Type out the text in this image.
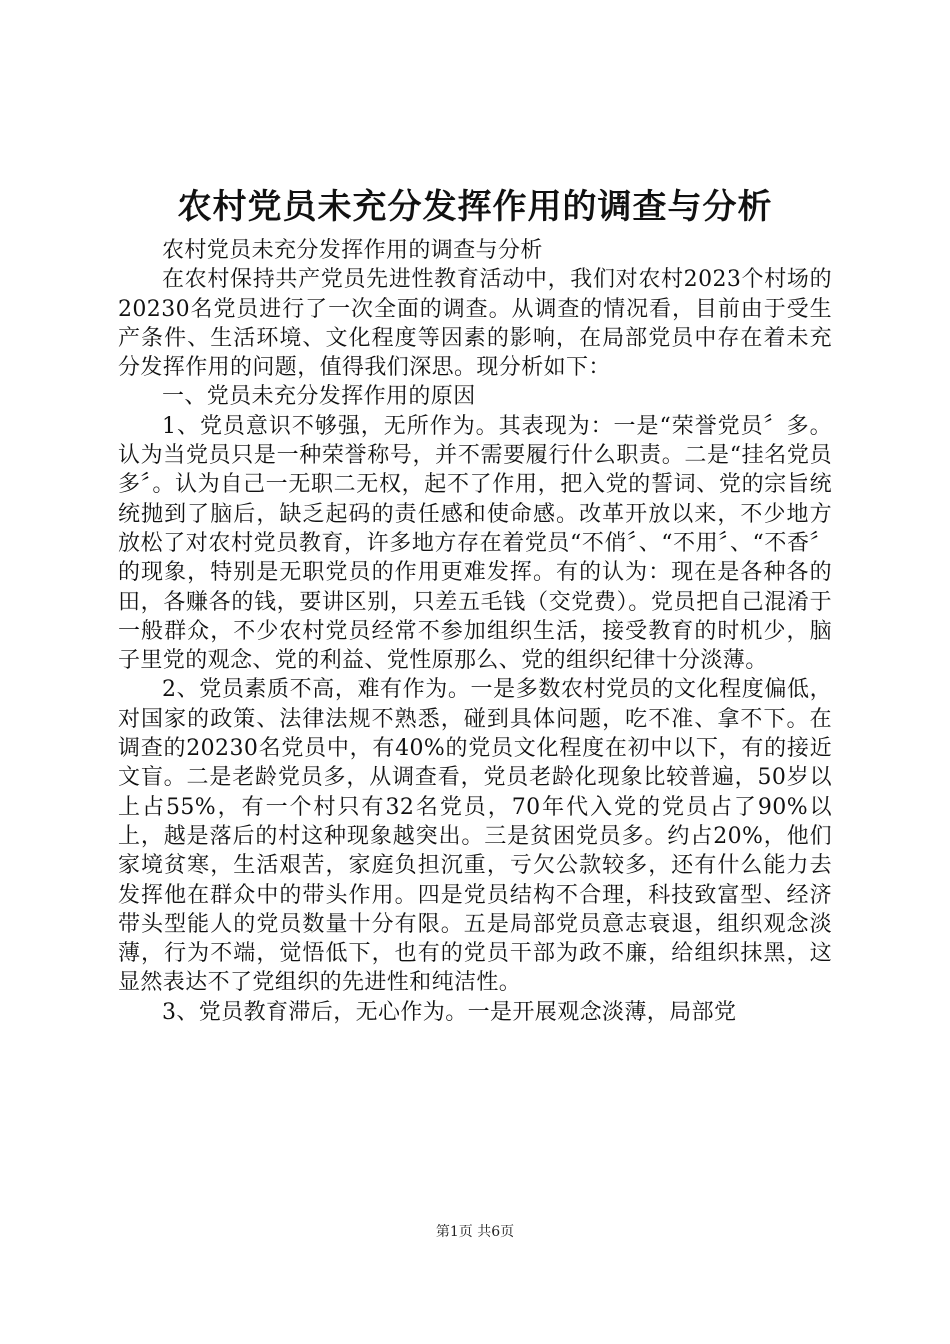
农村党员未充分发挥作用的调查与分析

农村党员未充分发挥作用的调查与分析

在农村保持共产党员先进性教育活动中，我们对农村2023个村场的20230名党员进行了一次全面的调查。从调查的情况看，目前由于受生产条件、生活环境、文化程度等因素的影响，在局部党员中存在着未充分发挥作用的问题，值得我们深思。现分析如下：

一、党员未充分发挥作用的原因

1、党员意识不够强，无所作为。其表现为：一是“荣誉党员〞多。认为当党员只是一种荣誉称号，并不需要履行什么职责。二是“挂名党员多〞。认为自己一无职二无权，起不了作用，把入党的誓词、党的宗旨统统抛到了脑后，缺乏起码的责任感和使命感。改革开放以来，不少地方放松了对农村党员教育，许多地方存在着党员“不俏〞、“不用〞、“不香〞的现象，特别是无职党员的作用更难发挥。有的认为：现在是各种各的田，各赚各的钱，要讲区别，只差五毛钱（交党费）。党员把自己混淆于一般群众，不少农村党员经常不参加组织生活，接受教育的时机少，脑子里党的观念、党的利益、党性原那么、党的组织纪律十分淡薄。

2、党员素质不高，难有作为。一是多数农村党员的文化程度偏低，对国家的政策、法律法规不熟悉，碰到具体问题，吃不准、拿不下。在调查的20230名党员中，有40%的党员文化程度在初中以下，有的接近文盲。二是老龄党员多，从调查看，党员老龄化现象比较普遍，50岁以上占55%，有一个村只有32名党员，70年代入党的党员占了90%以上，越是落后的村这种现象越突出。三是贫困党员多。约占20%，他们家境贫寒，生活艰苦，家庭负担沉重，亏欠公款较多，还有什么能力去发挥他在群众中的带头作用。四是党员结构不合理，科技致富型、经济带头型能人的党员数量十分有限。五是局部党员意志衰退，组织观念淡薄，行为不端，觉悟低下，也有的党员干部为政不廉，给组织抹黑，这显然表达不了党组织的先进性和纯洁性。

3、党员教育滞后，无心作为。一是开展观念淡薄，局部党

第1页 共6页
